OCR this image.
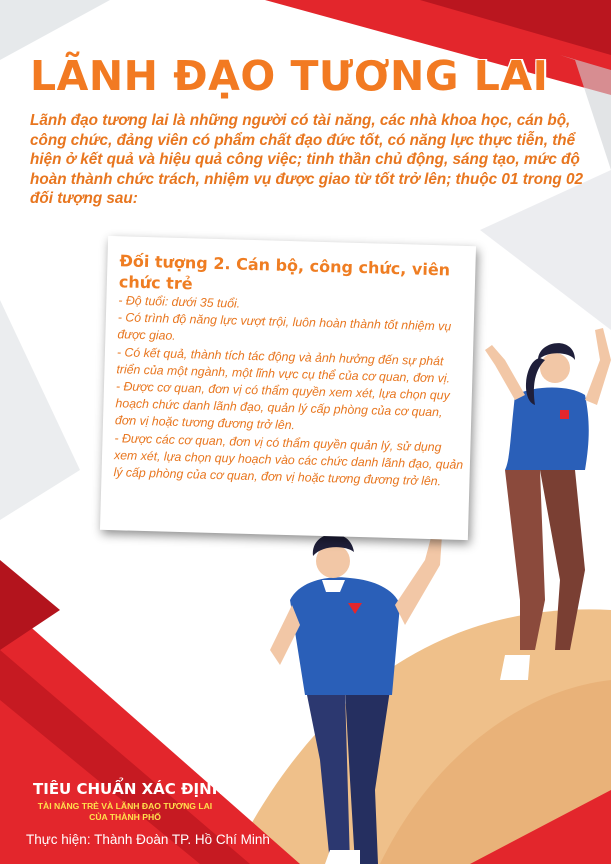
LÃNH ĐẠO TƯƠNG LAI

Lãnh đạo tương lai là những người có tài năng, các nhà khoa học, cán bộ, công chức, đảng viên có phẩm chất đạo đức tốt, có năng lực thực tiễn, thể hiện ở kết quả và hiệu quả công việc; tinh thần chủ động, sáng tạo, mức độ hoàn thành chức trách, nhiệm vụ được giao từ tốt trở lên; thuộc 01 trong 02 đối tượng sau:

Đối tượng 2. Cán bộ, công chức, viên chức trẻ
- Độ tuổi: dưới 35 tuổi.
- Có trình độ năng lực vượt trội, luôn hoàn thành tốt nhiệm vụ được giao.
- Có kết quả, thành tích tác động và ảnh hưởng đến sự phát triển của một ngành, một lĩnh vực cụ thể của cơ quan, đơn vị.
- Được cơ quan, đơn vị có thẩm quyền xem xét, lựa chọn quy hoạch chức danh lãnh đạo, quản lý cấp phòng của cơ quan, đơn vị hoặc tương đương trở lên.
- Được các cơ quan, đơn vị có thẩm quyền quản lý, sử dụng xem xét, lựa chọn quy hoạch vào các chức danh lãnh đạo, quản lý cấp phòng của cơ quan, đơn vị hoặc tương đương trở lên.
TIÊU CHUẨN XÁC ĐỊNH
TÀI NĂNG TRẺ VÀ LÃNH ĐẠO TƯƠNG LAI CỦA THÀNH PHỐ
Thực hiện: Thành Đoàn TP. Hồ Chí Minh
